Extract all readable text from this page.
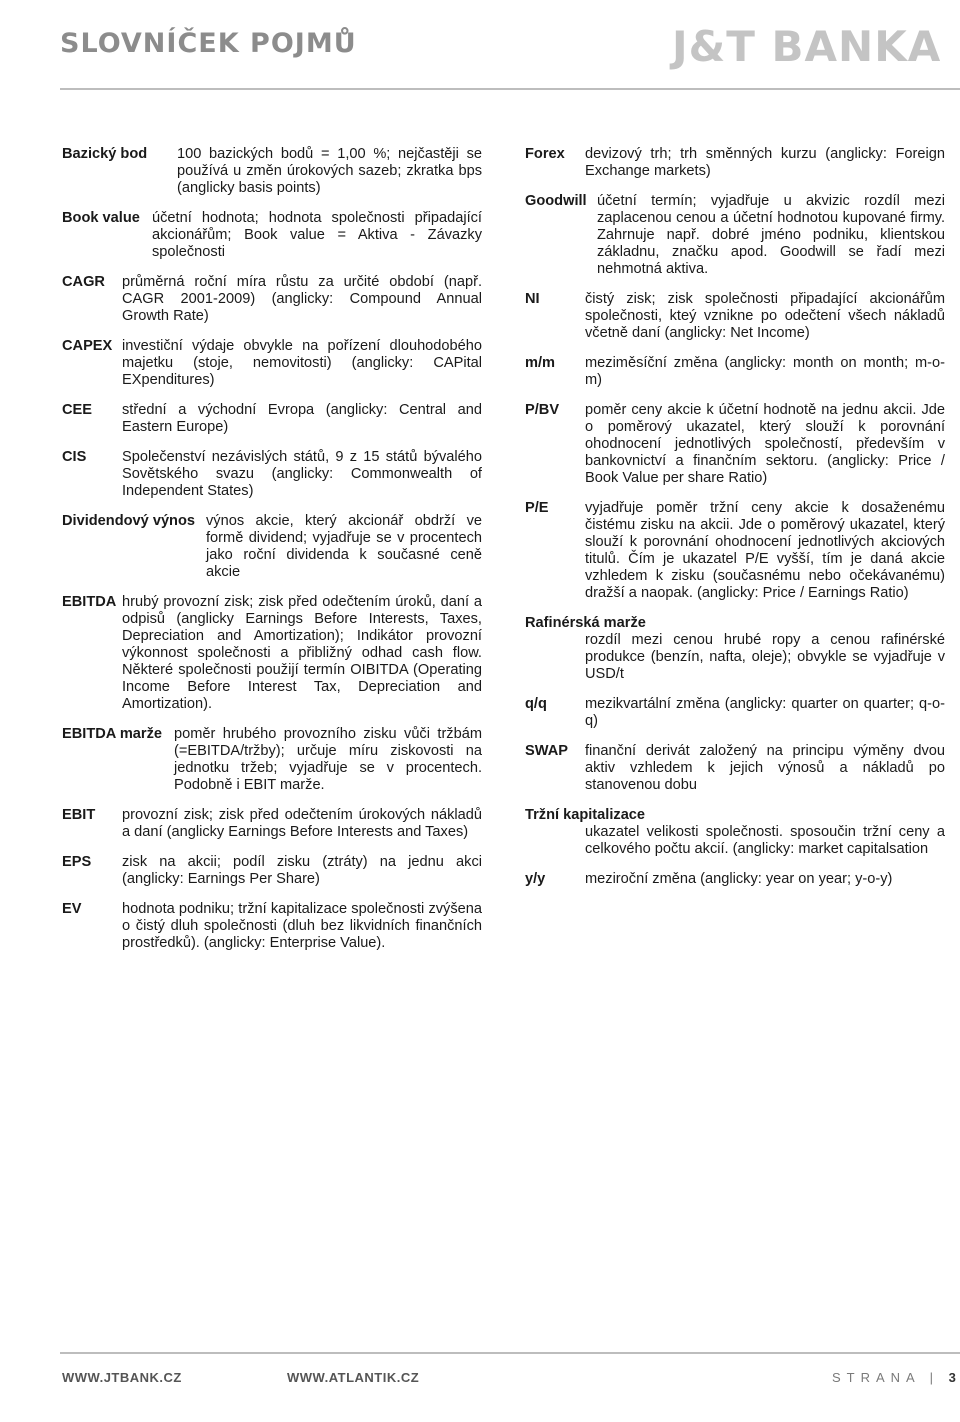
SLOVNÍČEK POJMŮ	J&T BANKA
Bazický bod 100 bazických bodů = 1,00 %; nejčastěji se používá u změn úrokových sazeb; zkratka bps (anglicky basis points)
Book value účetní hodnota; hodnota společnosti připadající akcionářům; Book value = Aktiva - Závazky společnosti
CAGR průměrná roční míra růstu za určité období (např. CAGR 2001-2009) (anglicky: Compound Annual Growth Rate)
CAPEX investiční výdaje obvykle na pořízení dlouhodobého majetku (stoje, nemovitosti) (anglicky: CAPital EXpenditures)
CEE střední a východní Evropa (anglicky: Central and Eastern Europe)
CIS Společenství nezávislých států, 9 z 15 států bývalého Sovětského svazu (anglicky: Commonwealth of Independent States)
Dividendový výnos výnos akcie, který akcionář obdrží ve formě dividend; vyjadřuje se v procentech jako roční dividenda k současné ceně akcie
EBITDA hrubý provozní zisk; zisk před odečtením úroků, daní a odpisů (anglicky Earnings Before Interests, Taxes, Depreciation and Amortization); Indikátor provozní výkonnost společnosti a přibližný odhad cash flow. Některé společnosti použijí termín OIBITDA (Operating Income Before Interest Tax, Depreciation and Amortization).
EBITDA marže poměr hrubého provozního zisku vůči tržbám (=EBITDA/tržby); určuje míru ziskovosti na jednotku tržeb; vyjadřuje se v procentech. Podobně i EBIT marže.
EBIT provozní zisk; zisk před odečtením úrokových nákladů a daní (anglicky Earnings Before Interests and Taxes)
EPS zisk na akcii; podíl zisku (ztráty) na jednu akci (anglicky: Earnings Per Share)
EV	hodnota podniku; tržní kapitalizace společnosti zvýšena o čistý dluh společnosti (dluh bez likvidních finančních prostředků). (anglicky: Enterprise Value).
Forex devizový trh; trh směnných kurzu (anglicky: Foreign Exchange markets)
Goodwill účetní termín; vyjadřuje u akvizic rozdíl mezi zaplacenou cenou a účetní hodnotou kupované firmy. Zahrnuje např. dobré jméno podniku, klientskou základnu, značku apod. Goodwill se řadí mezi nehmotná aktiva.
NI	čistý zisk; zisk společnosti připadající akcionářům společnosti, kteý vznikne po odečtení všech nákladů včetně daní (anglicky: Net Income)
m/m meziměsíční změna (anglicky: month on month; m-o-m)
P/BV poměr ceny akcie k účetní hodnotě na jednu akcii. Jde o poměrový ukazatel, který slouží k porovnání ohodnocení jednotlivých společností, především v bankovnictví a finančním sektoru. (anglicky: Price / Book Value per share Ratio)
P/E vyjadřuje poměr tržní ceny akcie k dosaženému čistému zisku na akcii. Jde o poměrový ukazatel, který slouží k porovnání ohodnocení jednotlivých akciových titulů. Čím je ukazatel P/E vyšší, tím je daná akcie vzhledem k zisku (současnému nebo očekávanému) dražší a naopak. (anglicky: Price / Earnings Ratio)
Rafinérská marže
rozdíl mezi cenou hrubé ropy a cenou rafinérské produkce (benzín, nafta, oleje); obvykle se vyjadřuje v USD/t
q/q	mezikvartální změna (anglicky: quarter on quarter; q-o-q)
SWAP finanční derivát založený na principu výměny dvou aktiv vzhledem k jejich výnosů a nákladů po stanovenou dobu
Tržní kapitalizace
ukazatel velikosti společnosti. sposoučin tržní ceny a celkového počtu akcií. (anglicky: market capitalsation
y/y	meziroční změna (anglicky: year on year; y-o-y)
WWW.JTBANK.CZ	WWW.ATLANTIK.CZ	STRANA | 3
